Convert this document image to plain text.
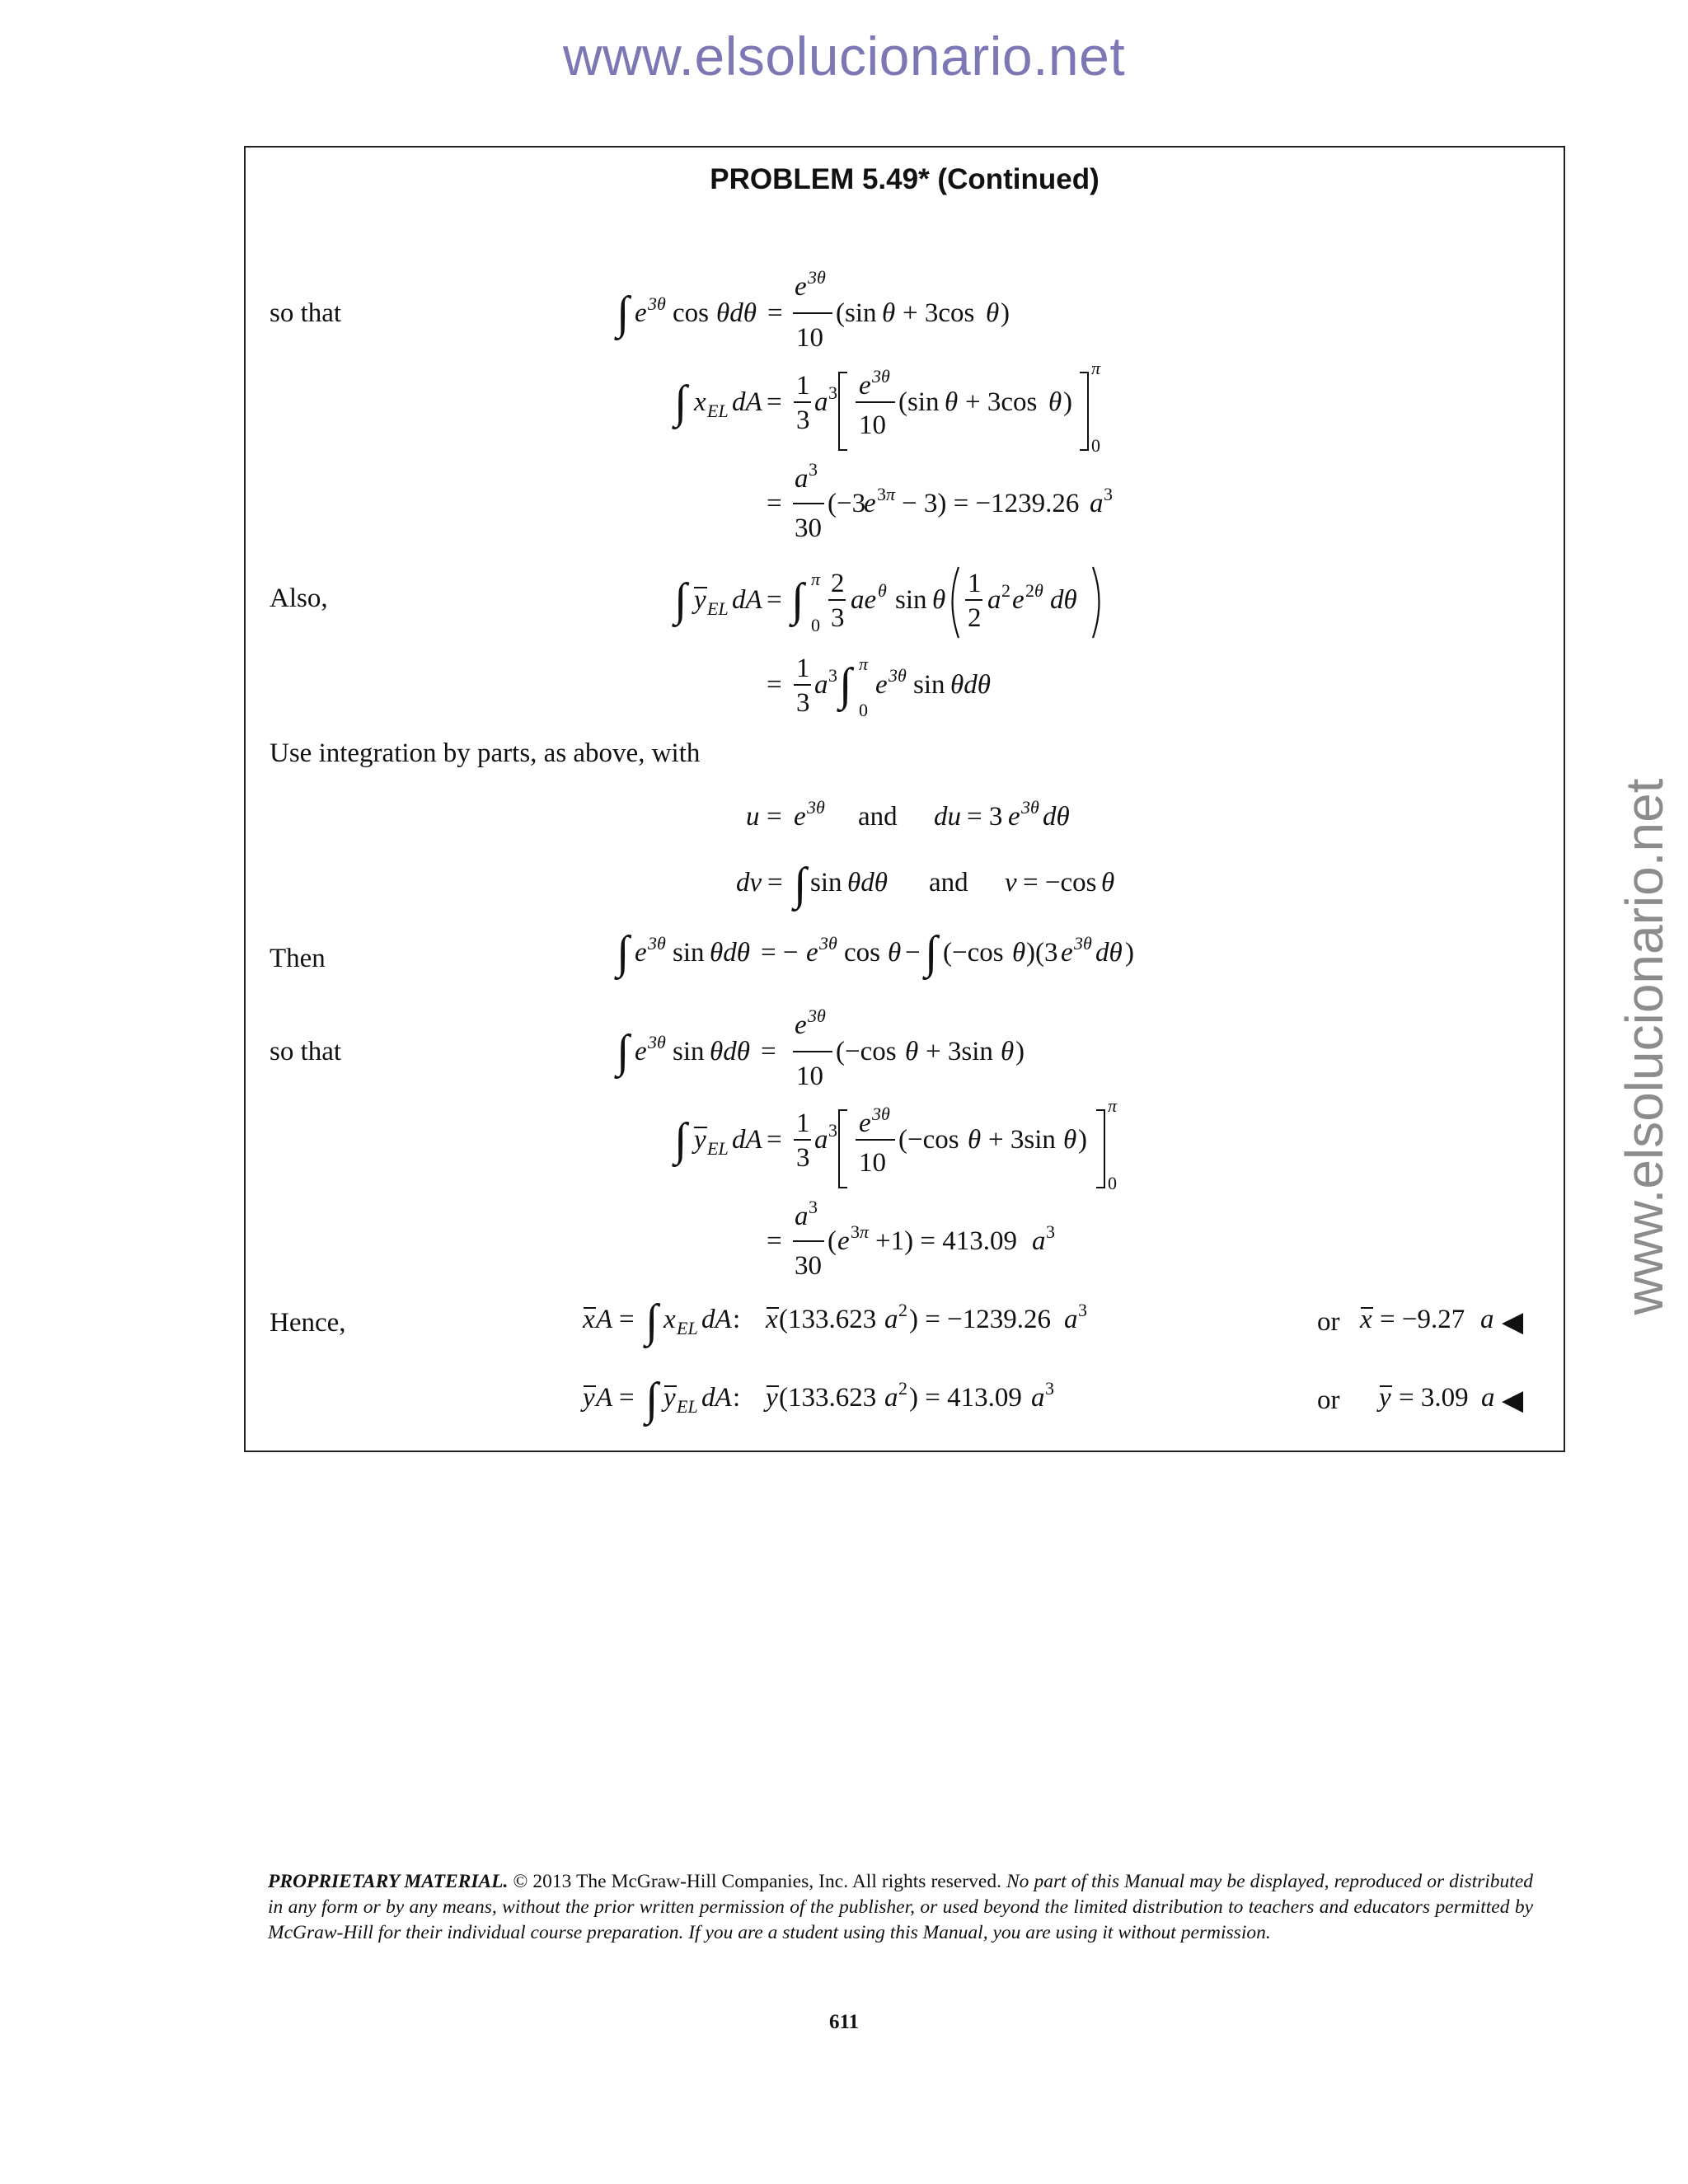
www.elsolucionario.net
www.elsolucionario.net
PROBLEM 5.49* (Continued)
so that
Also,
Use integration by parts, as above, with
Then
so that
Hence,
∫ e 3θ cos θdθ =
e 3θ
10
(sin θ + 3cos θ )
∫ x EL dA =
1
3
a 3 e 3θ
10
(sin θ + 3cos θ )
π
0
=
a 3
30
(−3
e 3 π − 3) = −1239.26 a 3
∫ y EL dA = ∫ 0
π 2
3
ae θ sin θ
1
2
a 2 e 2 θ dθ
=
1
3
a 3 ∫ 0
π
e 3θ sin θdθ
u = e 3θ and du = 3 e 3θ dθ
dv = ∫ sin θdθ and v = −cos θ
∫ e 3θ sin θdθ = − e 3θ cos θ − ∫ (−cos θ )(3 e 3θ dθ )
∫ e 3θ sin θdθ =
e 3θ
10
(−cos θ + 3sin θ )
∫ y EL dA =
1
3
a 3 e 3θ
10
(−cos θ + 3sin θ )
π
0
=
a 3
30
( e 3 π +1) = 413.09 a 3
x A = ∫ x EL dA : x (133.623 a 2 ) = −1239.26 a 3
y A = ∫ y EL dA : y (133.623 a 2 ) = 413.09 a 3
or x = −9.27 a ◀
or y = 3.09 a ◀
PROPRIETARY MATERIAL. © 2013 The McGraw-Hill Companies, Inc. All rights reserved. No part of this Manual may be displayed, reproduced or distributed in any form or by any means, without the prior written permission of the publisher, or used beyond the limited distribution to teachers and educators permitted by McGraw-Hill for their individual course preparation. If you are a student using this Manual, you are using it without permission.
611
